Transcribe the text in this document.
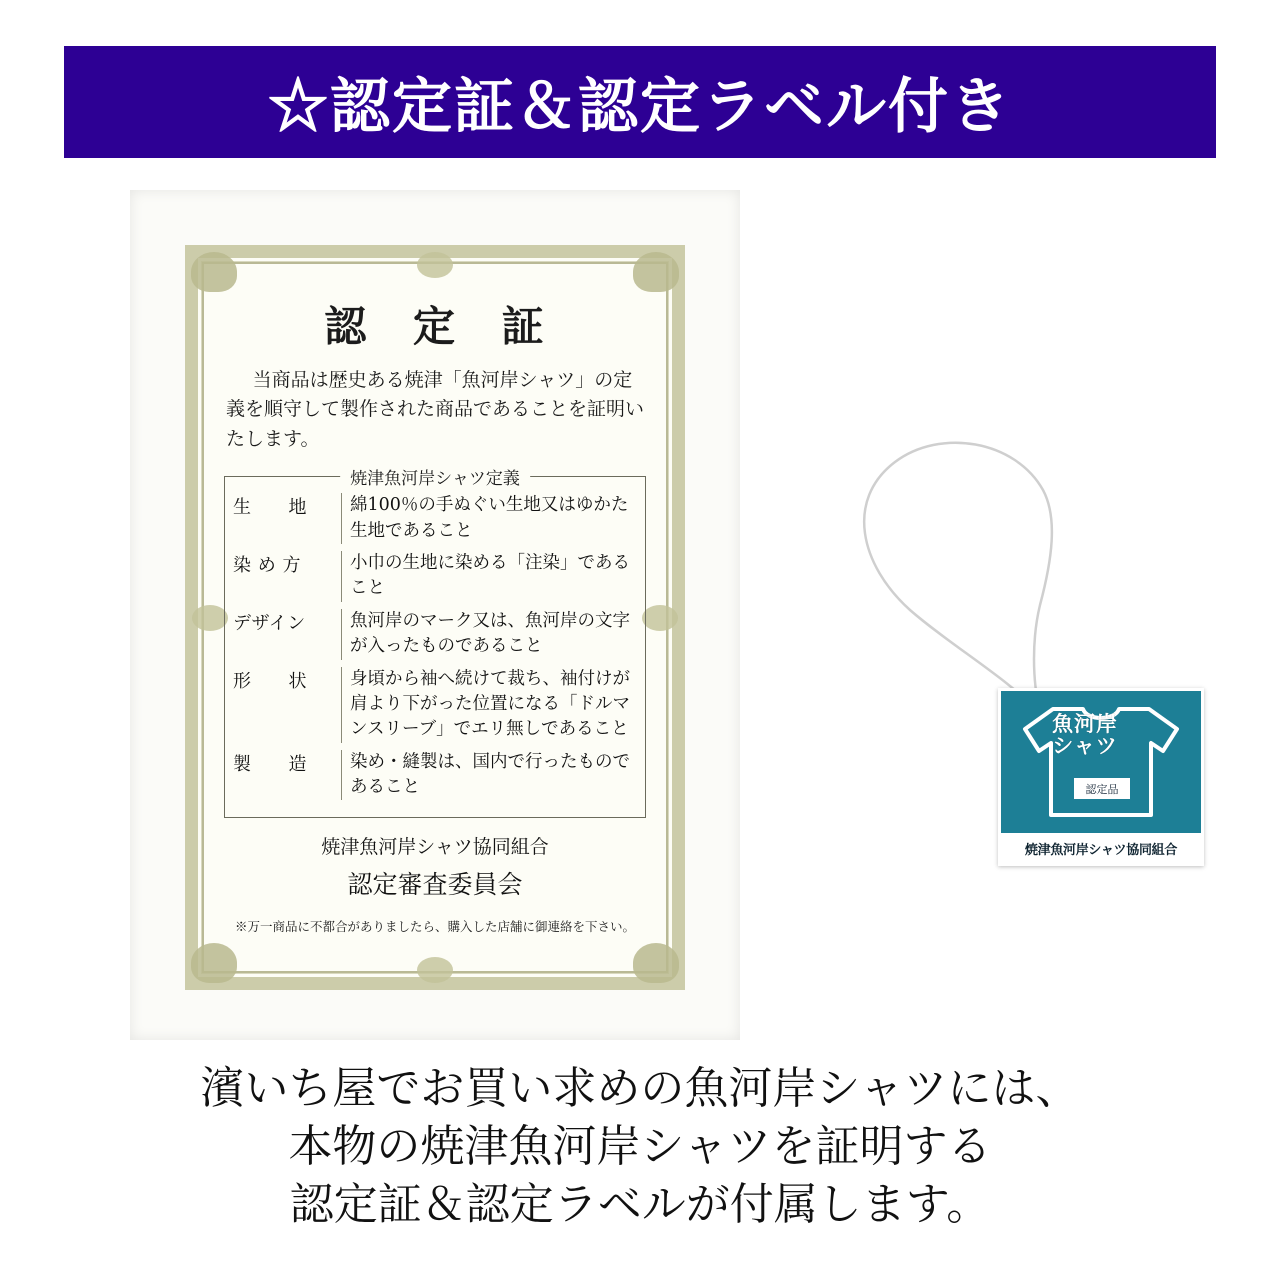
☆認定証＆認定ラベル付き
認 定 証

当商品は歴史ある焼津「魚河岸シャツ」の定義を順守して製作された商品であることを証明いたします。

焼津魚河岸シャツ定義
生　　地	綿100％の手ぬぐい生地又はゆかた生地であること
染 め 方	小巾の生地に染める「注染」であること
デザイン	魚河岸のマーク又は、魚河岸の文字が入ったものであること
形　　状	身頃から袖へ続けて裁ち、袖付けが肩より下がった位置になる「ドルマンスリーブ」でエリ無しであること
製　　造	染め・縫製は、国内で行ったものであること
焼津魚河岸シャツ協同組合
認定審査委員会
※万一商品に不都合がありましたら、購入した店舗に御連絡を下さい。
魚河岸
シャツ
認定品
焼津魚河岸シャツ協同組合
濱いち屋でお買い求めの魚河岸シャツには、
本物の焼津魚河岸シャツを証明する
認定証＆認定ラベルが付属します。
